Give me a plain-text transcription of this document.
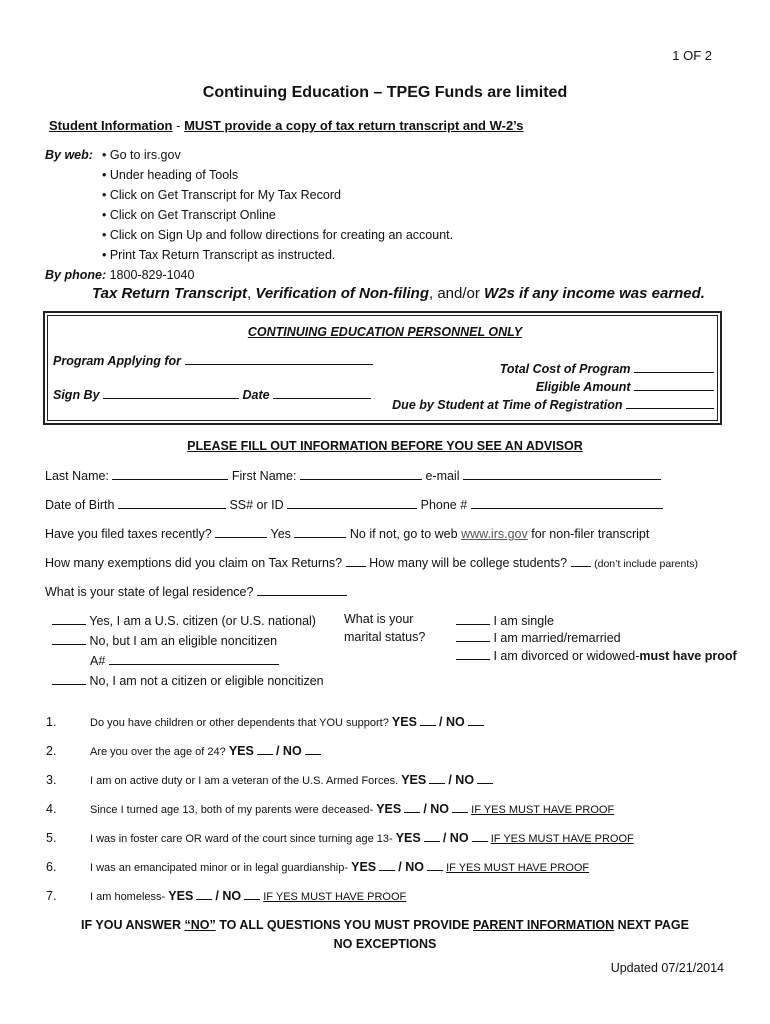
1 OF 2
Continuing Education – TPEG Funds are limited
Student Information - MUST provide a copy of tax return transcript and W-2’s
By web: • Go to irs.gov
• Under heading of Tools
• Click on Get Transcript for My Tax Record
• Click on Get Transcript Online
• Click on Sign Up and follow directions for creating an account.
• Print Tax Return Transcript as instructed.
By phone: 1800-829-1040
Tax Return Transcript, Verification of Non-filing, and/or W2s if any income was earned.
CONTINUING EDUCATION PERSONNEL ONLY
Program Applying for
Sign By	Date
Total Cost of Program
Eligible Amount
Due by Student at Time of Registration
PLEASE FILL OUT INFORMATION BEFORE YOU SEE AN ADVISOR
Last Name:	First Name:	e-mail
Date of Birth	SS# or ID	Phone #
Have you filed taxes recently?	Yes	No if not, go to web www.irs.gov for non-filer transcript
How many exemptions did you claim on Tax Returns? How many will be college students?	(don’t include parents)
What is your state of legal residence?
Yes, I am a U.S. citizen (or U.S. national)
No, but I am an eligible noncitizen
A#
No, I am not a citizen or eligible noncitizen
What is your
marital status?
I am single
I am married/remarried
I am divorced or widowed-must have proof
1.	Do you have children or other dependents that YOU support? YES / NO
2.	Are you over the age of 24? YES / NO
3.	I am on active duty or I am a veteran of the U.S. Armed Forces. YES / NO
4.	Since I turned age 13, both of my parents were deceased- YES / NO IF YES MUST HAVE PROOF
5.	I was in foster care OR ward of the court since turning age 13- YES / NO IF YES MUST HAVE PROOF
6.	I was an emancipated minor or in legal guardianship- YES / NO IF YES MUST HAVE PROOF
7.	I am homeless- YES / NO IF YES MUST HAVE PROOF
IF YOU ANSWER “NO” TO ALL QUESTIONS YOU MUST PROVIDE PARENT INFORMATION NEXT PAGE
NO EXCEPTIONS
Updated 07/21/2014
